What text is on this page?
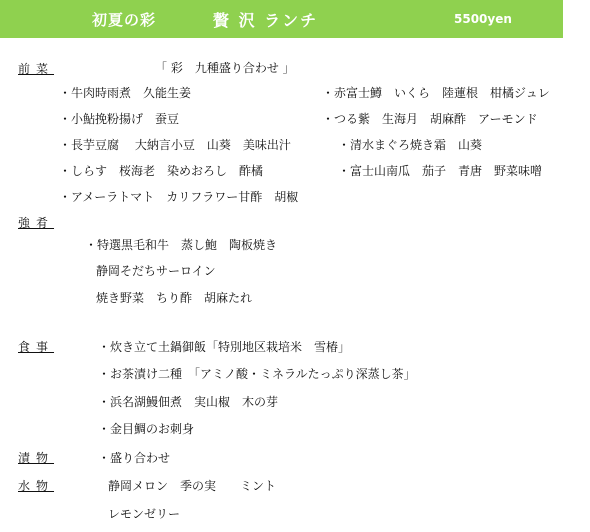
初夏の彩	贅 沢 ランチ	5500yen
前菜	「 彩　九種盛り合わせ 」
・牛肉時雨煮　久能生姜
・小鮎挽粉揚げ　蚕豆
・長芋豆腐　 大納言小豆　山葵　美味出汁
・しらす　桜海老　染めおろし　酢橘
・アメーラトマト　カリフラワー甘酢　胡椒
・赤富士鱒　いくら　陸蓮根　柑橘ジュレ
・つる紫　生海月　胡麻酢　アーモンド
・清水まぐろ焼き霜　山葵
・富士山南瓜　茄子　青唐　野菜味噌
強肴
・特選黒毛和牛　蒸し鮑　陶板焼き
静岡そだちサーロイン
焼き野菜　ちり酢　胡麻たれ
食事	・炊き立て土鍋御飯「特別地区栽培米　雪椿」
・お茶漬け二種　「アミノ酸・ミネラルたっぷり深蒸し茶」
・浜名湖鰻佃煮　実山椒　木の芽
・金目鯛のお刺身
漬物	・盛り合わせ
水物	静岡メロン　季の実　　ミント
レモンゼリー
